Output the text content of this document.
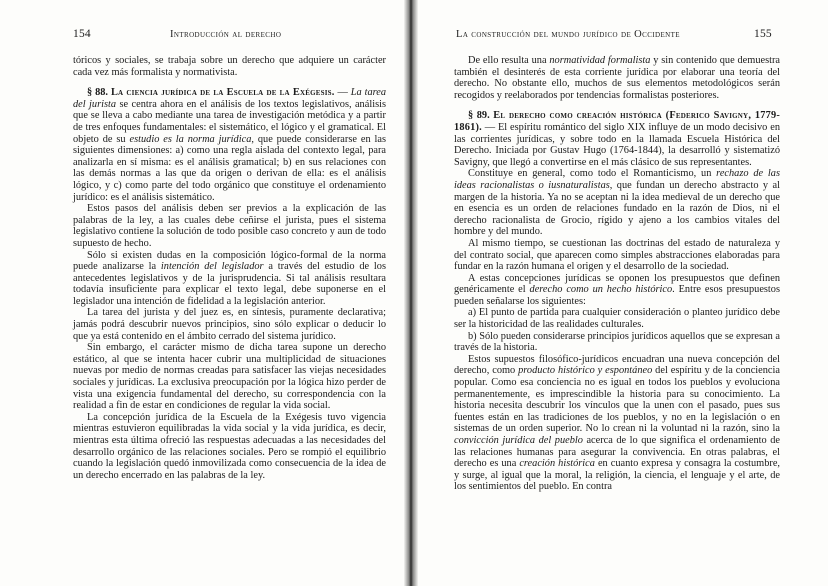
154	Introducción al derecho

tóricos y sociales, se trabaja sobre un derecho que adquiere un carácter cada vez más formalista y normativista.

§ 88. La ciencia jurídica de la Escuela de la Exégesis. — La tarea del jurista se centra ahora en el análisis de los textos legislativos, análisis que se lleva a cabo mediante una tarea de investigación metódica y a partir de tres enfoques fundamentales: el sistemático, el lógico y el gramatical. El objeto de su estudio es la norma jurídica, que puede considerarse en las siguientes dimensiones: a) como una regla aislada del contexto legal, para analizarla en sí misma: es el análisis gramatical; b) en sus relaciones con las demás normas a las que da origen o derivan de ella: es el análisis lógico, y c) como parte del todo orgánico que constituye el ordenamiento jurídico: es el análisis sistemático.

Estos pasos del análisis deben ser previos a la explicación de las palabras de la ley, a las cuales debe ceñirse el jurista, pues el sistema legislativo contiene la solución de todo posible caso concreto y aun de todo supuesto de hecho.

Sólo si existen dudas en la composición lógico-formal de la norma puede analizarse la intención del legislador a través del estudio de los antecedentes legislativos y de la jurisprudencia. Si tal análisis resultara todavía insuficiente para explicar el texto legal, debe suponerse en el legislador una intención de fidelidad a la legislación anterior.

La tarea del jurista y del juez es, en síntesis, puramente declarativa; jamás podrá descubrir nuevos principios, sino sólo explicar o deducir lo que ya está contenido en el ámbito cerrado del sistema jurídico.

Sin embargo, el carácter mismo de dicha tarea supone un derecho estático, al que se intenta hacer cubrir una multiplicidad de situaciones nuevas por medio de normas creadas para satisfacer las viejas necesidades sociales y jurídicas. La exclusiva preocupación por la lógica hizo perder de vista una exigencia fundamental del derecho, su correspondencia con la realidad a fin de estar en condiciones de regular la vida social.

La concepción jurídica de la Escuela de la Exégesis tuvo vigencia mientras estuvieron equilibradas la vida social y la vida jurídica, es decir, mientras esta última ofreció las respuestas adecuadas a las necesidades del desarrollo orgánico de las relaciones sociales. Pero se rompió el equilibrio cuando la legislación quedó inmovilizada como consecuencia de la idea de un derecho encerrado en las palabras de la ley.

La construcción del mundo jurídico de Occidente	155

De ello resulta una normatividad formalista y sin contenido que demuestra también el desinterés de esta corriente jurídica por elaborar una teoría del derecho. No obstante ello, muchos de sus elementos metodológicos serán recogidos y reelaborados por tendencias formalistas posteriores.

§ 89. El derecho como creación histórica (Federico Savigny, 1779-1861). — El espíritu romántico del siglo XIX influye de un modo decisivo en las corrientes jurídicas, y sobre todo en la llamada Escuela Histórica del Derecho. Iniciada por Gustav Hugo (1764-1844), la desarrolló y sistematizó Savigny, que llegó a convertirse en el más clásico de sus representantes.

Constituye en general, como todo el Romanticismo, un rechazo de las ideas racionalistas o iusnaturalistas, que fundan un derecho abstracto y al margen de la historia. Ya no se aceptan ni la idea medieval de un derecho que en esencia es un orden de relaciones fundado en la razón de Dios, ni el derecho racionalista de Grocio, rígido y ajeno a los cambios vitales del hombre y del mundo.

Al mismo tiempo, se cuestionan las doctrinas del estado de naturaleza y del contrato social, que aparecen como simples abstracciones elaboradas para fundar en la razón humana el origen y el desarrollo de la sociedad.

A estas concepciones jurídicas se oponen los presupuestos que definen genéricamente el derecho como un hecho histórico. Entre esos presupuestos pueden señalarse los siguientes:

a) El punto de partida para cualquier consideración o planteo jurídico debe ser la historicidad de las realidades culturales.

b) Sólo pueden considerarse principios jurídicos aquellos que se expresan a través de la historia.

Estos supuestos filosófico-jurídicos encuadran una nueva concepción del derecho, como producto histórico y espontáneo del espíritu y de la conciencia popular. Como esa conciencia no es igual en todos los pueblos y evoluciona permanentemente, es imprescindible la historia para su conocimiento. La historia necesita descubrir los vínculos que la unen con el pasado, pues sus fuentes están en las tradiciones de los pueblos, y no en la legislación o en sistemas de un orden superior. No lo crean ni la voluntad ni la razón, sino la convicción jurídica del pueblo acerca de lo que significa el ordenamiento de las relaciones humanas para asegurar la convivencia. En otras palabras, el derecho es una creación histórica en cuanto expresa y consagra la costumbre, y surge, al igual que la moral, la religión, la ciencia, el lenguaje y el arte, de los sentimientos del pueblo. En contra
